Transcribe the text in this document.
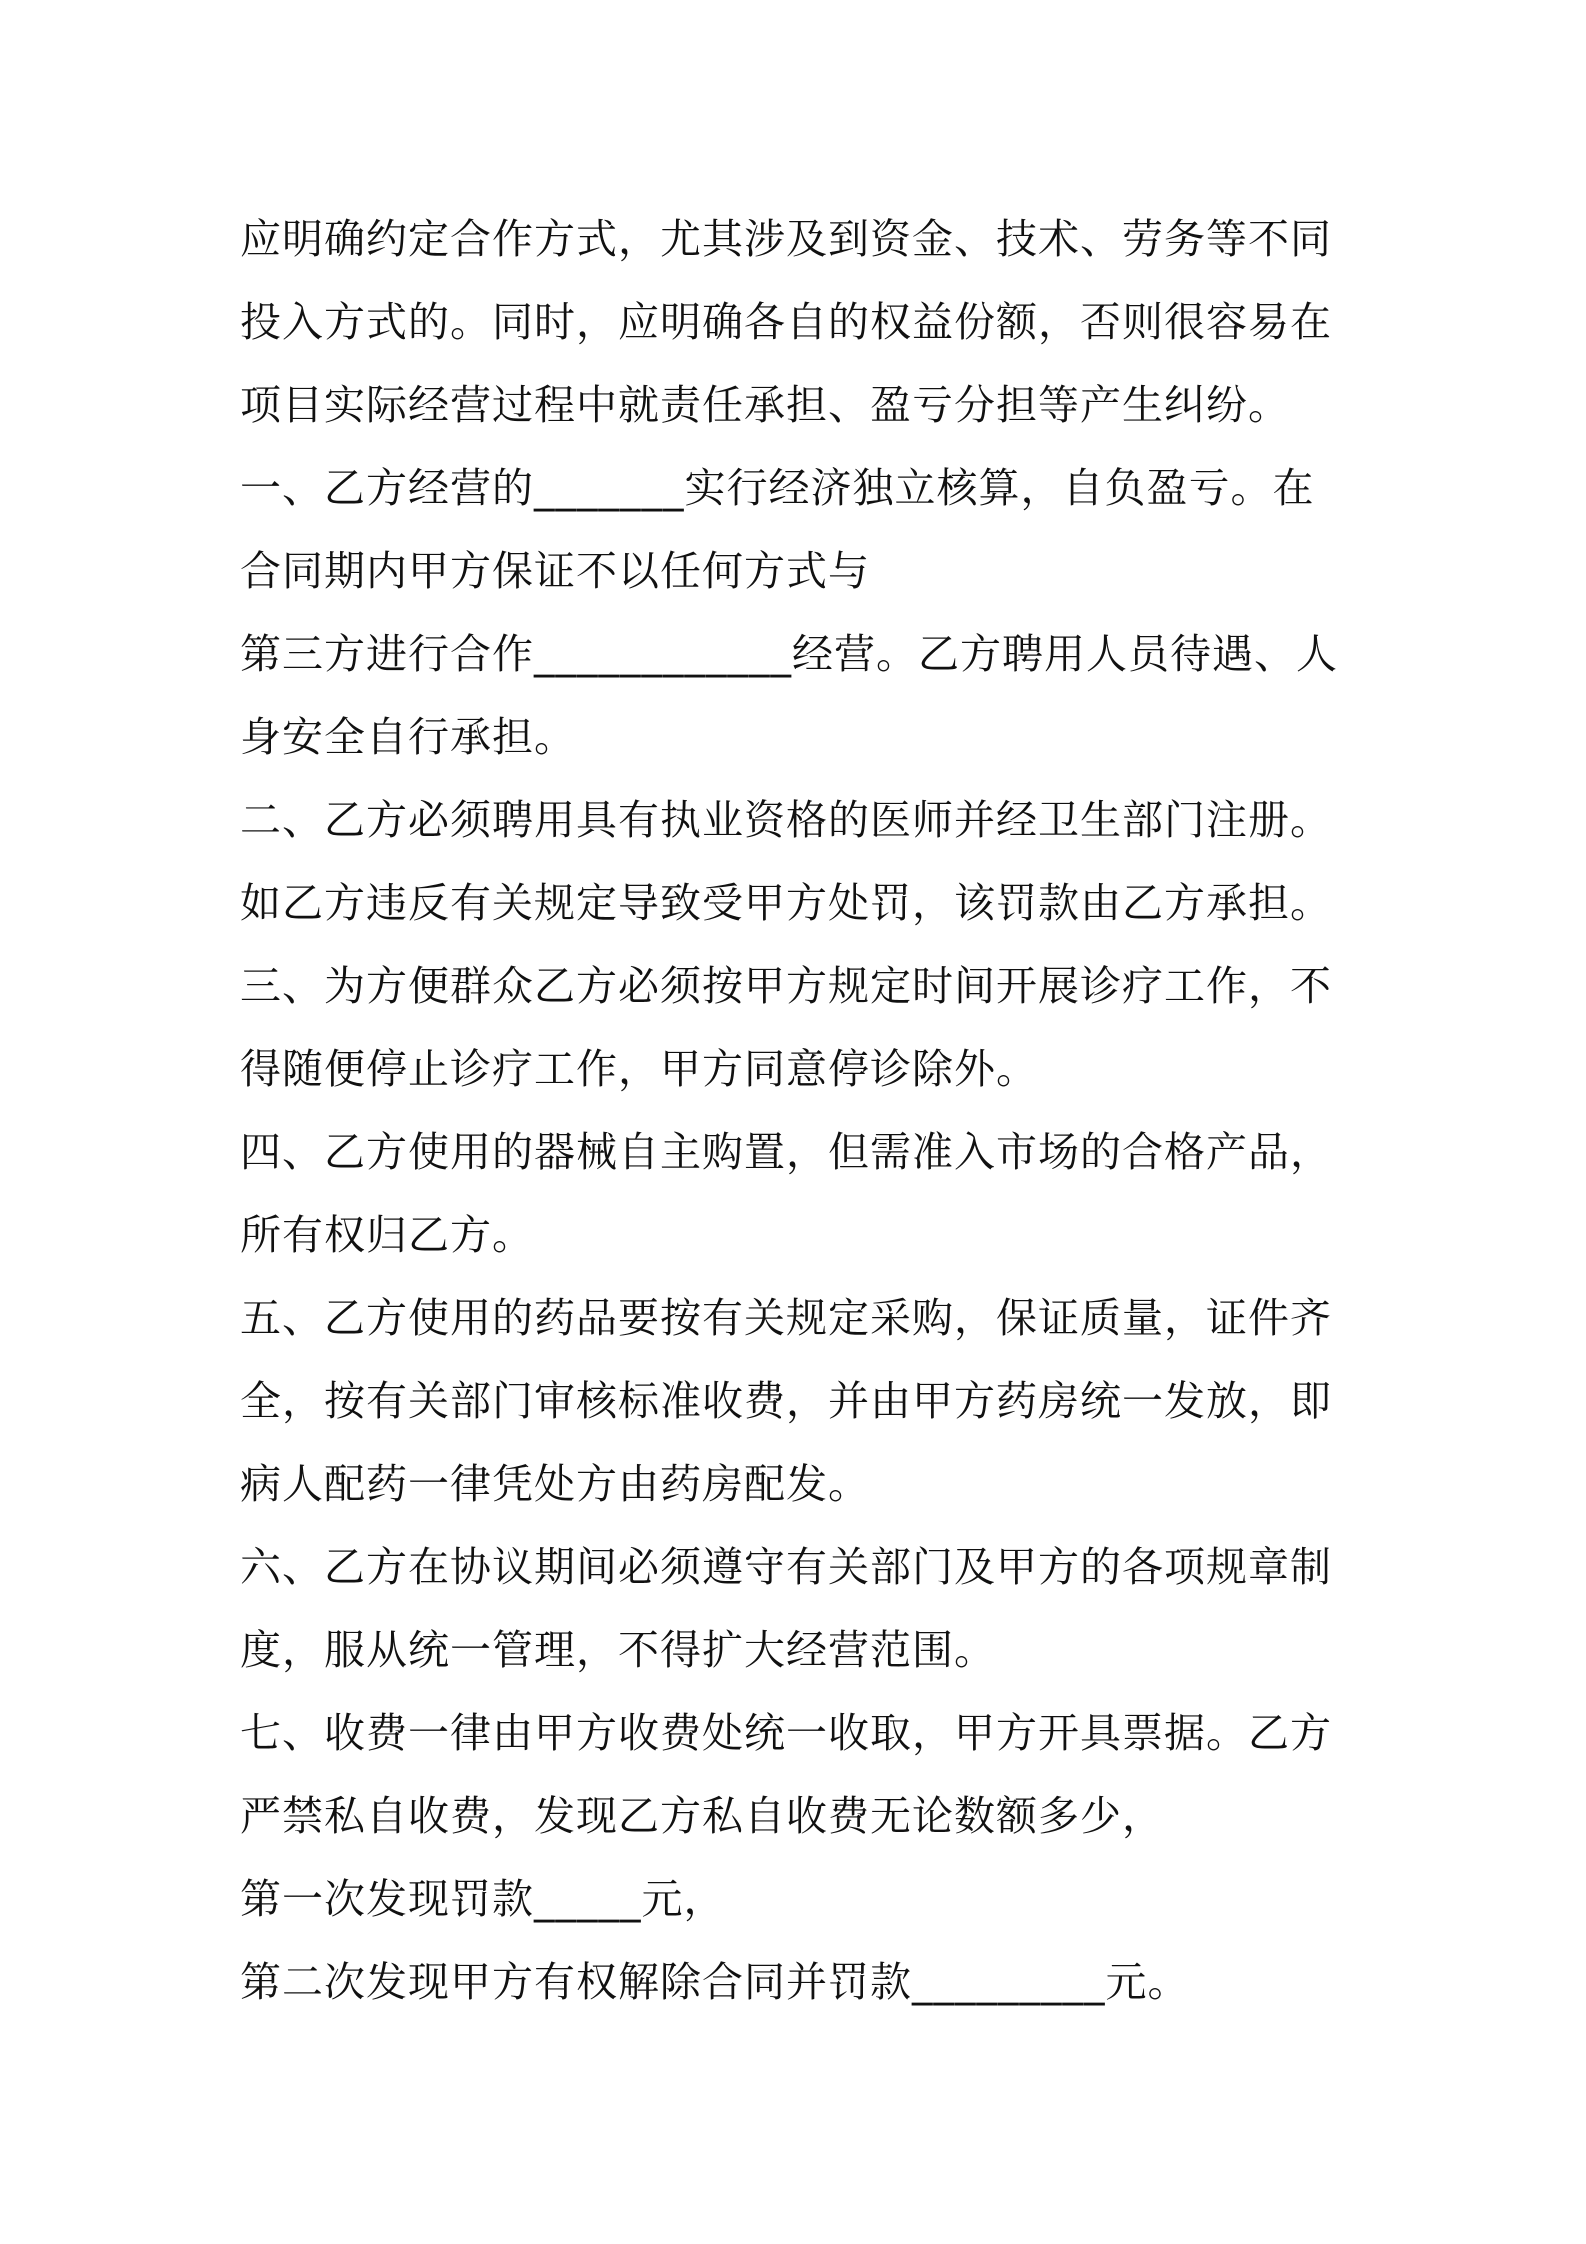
应明确约定合作方式，尤其涉及到资金、技术、劳务等不同投入方式的。同时，应明确各自的权益份额，否则很容易在项目实际经营过程中就责任承担、盈亏分担等产生纠纷。

一、乙方经营的_______实行经济独立核算，自负盈亏。在合同期内甲方保证不以任何方式与

第三方进行合作____________经营。乙方聘用人员待遇、人身安全自行承担。

二、乙方必须聘用具有执业资格的医师并经卫生部门注册。如乙方违反有关规定导致受甲方处罚，该罚款由乙方承担。

三、为方便群众乙方必须按甲方规定时间开展诊疗工作，不得随便停止诊疗工作，甲方同意停诊除外。

四、乙方使用的器械自主购置，但需准入市场的合格产品，所有权归乙方。

五、乙方使用的药品要按有关规定采购，保证质量，证件齐全，按有关部门审核标准收费，并由甲方药房统一发放，即病人配药一律凭处方由药房配发。

六、乙方在协议期间必须遵守有关部门及甲方的各项规章制度，服从统一管理，不得扩大经营范围。

七、收费一律由甲方收费处统一收取，甲方开具票据。乙方严禁私自收费，发现乙方私自收费无论数额多少，

第一次发现罚款_____元，

第二次发现甲方有权解除合同并罚款_________元。
